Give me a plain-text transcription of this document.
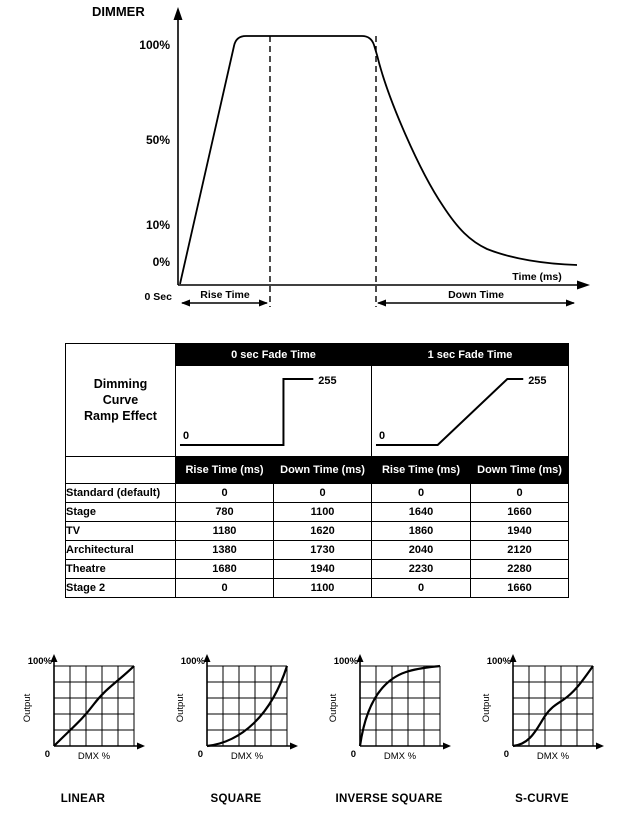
DIMMER
100%
50%
10%
0%
0 Sec
Time (ms)
Rise Time	Down Time
Dimming
Curve
Ramp Effect	0 sec Fade Time		1 sec Fade Time	

0
255		0
255	

	Rise Time (ms)	Down Time (ms)	Rise Time (ms)	Down Time (ms)
Standard (default)	0	0	0	0
Stage	780	1100	1640	1660
TV	1180	1620	1860	1940
Architectural	1380	1730	2040	2120
Theatre	1680	1940	2230	2280
Stage 2	0	1100	0	1660
100%
Output
0	DMX %
LINEAR
100%
Output
0	DMX %
SQUARE
100%
Output
0	DMX %
INVERSE SQUARE
100%
Output
0	DMX %
S-CURVE
